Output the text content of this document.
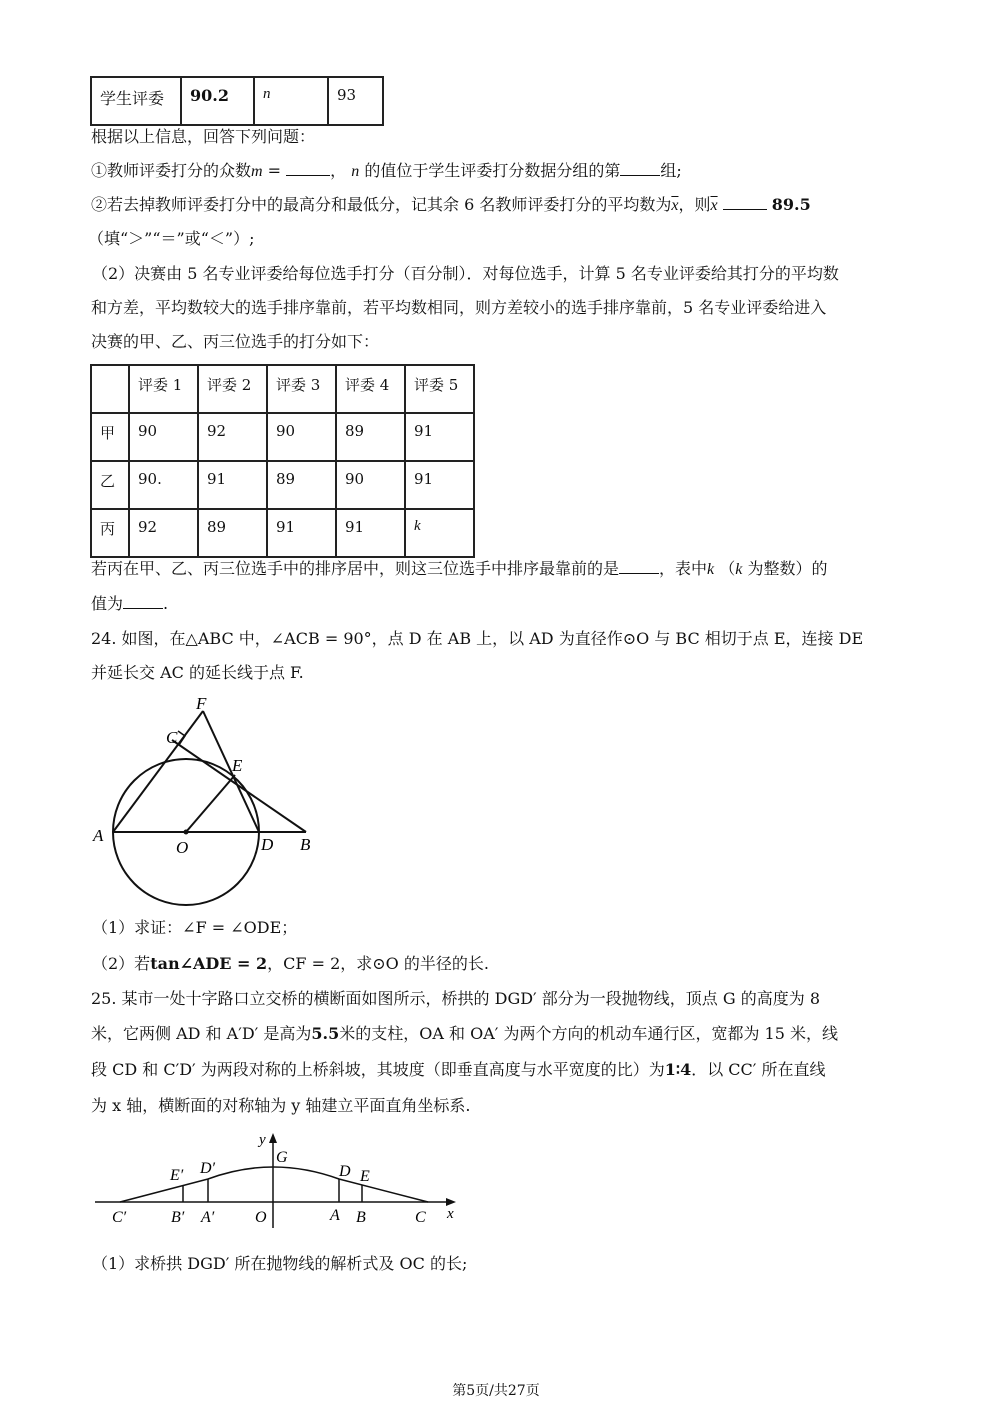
学生评委	90.2	n	93
根据以上信息，回答下列问题：
①教师评委打分的众数m =	， n 的值位于学生评委打分数据分组的第	组;
②若去掉教师评委打分中的最高分和最低分，记其余 6 名教师评委打分的平均数为$\overline{x}$，则$\overline{x}$	89.5
（填“＞”“＝”或“＜”）;
（2）决赛由 5 名专业评委给每位选手打分（百分制）．对每位选手，计算 5 名专业评委给其打分的平均数
和方差，平均数较大的选手排序靠前，若平均数相同，则方差较小的选手排序靠前，5 名专业评委给进入
决赛的甲、乙、丙三位选手的打分如下：
	评委 1	评委 2	评委 3	评委 4	评委 5
甲	90	92	90	89	91
乙	90.	91	89	90	91
丙	92	89	91	91	k
若丙在甲、乙、丙三位选手中的排序居中，则这三位选手中排序最靠前的是	，表中k （k 为整数）的
值为	.
24. 如图，在△ABC 中，∠ACB = 90°，点 D 在 AB 上，以 AD 为直径作⊙O 与 BC 相切于点 E，连接 DE
并延长交 AC 的延长线于点 F.
F
C
E
A
O	D B
（1）求证：∠F = ∠ODE；
（2）若tan∠ADE = 2，CF = 2，求⊙O 的半径的长.
25. 某市一处十字路口立交桥的横断面如图所示，桥拱的 DGD′ 部分为一段抛物线，顶点 G 的高度为 8
米，它两侧 AD 和 A′D′ 是高为5.5米的支柱，OA 和 OA′ 为两个方向的机动车通行区，宽都为 15 米，线
段 CD 和 C′D′ 为两段对称的上桥斜坡，其坡度（即垂直高度与水平宽度的比）为1∶4．以 CC′ 所在直线
为 x 轴，横断面的对称轴为 y 轴建立平面直角坐标系.
y
G
D′
E′	D E
C′	B′ A′	O	A B	C x
（1）求桥拱 DGD′ 所在抛物线的解析式及 OC 的长;
第5页/共27页
